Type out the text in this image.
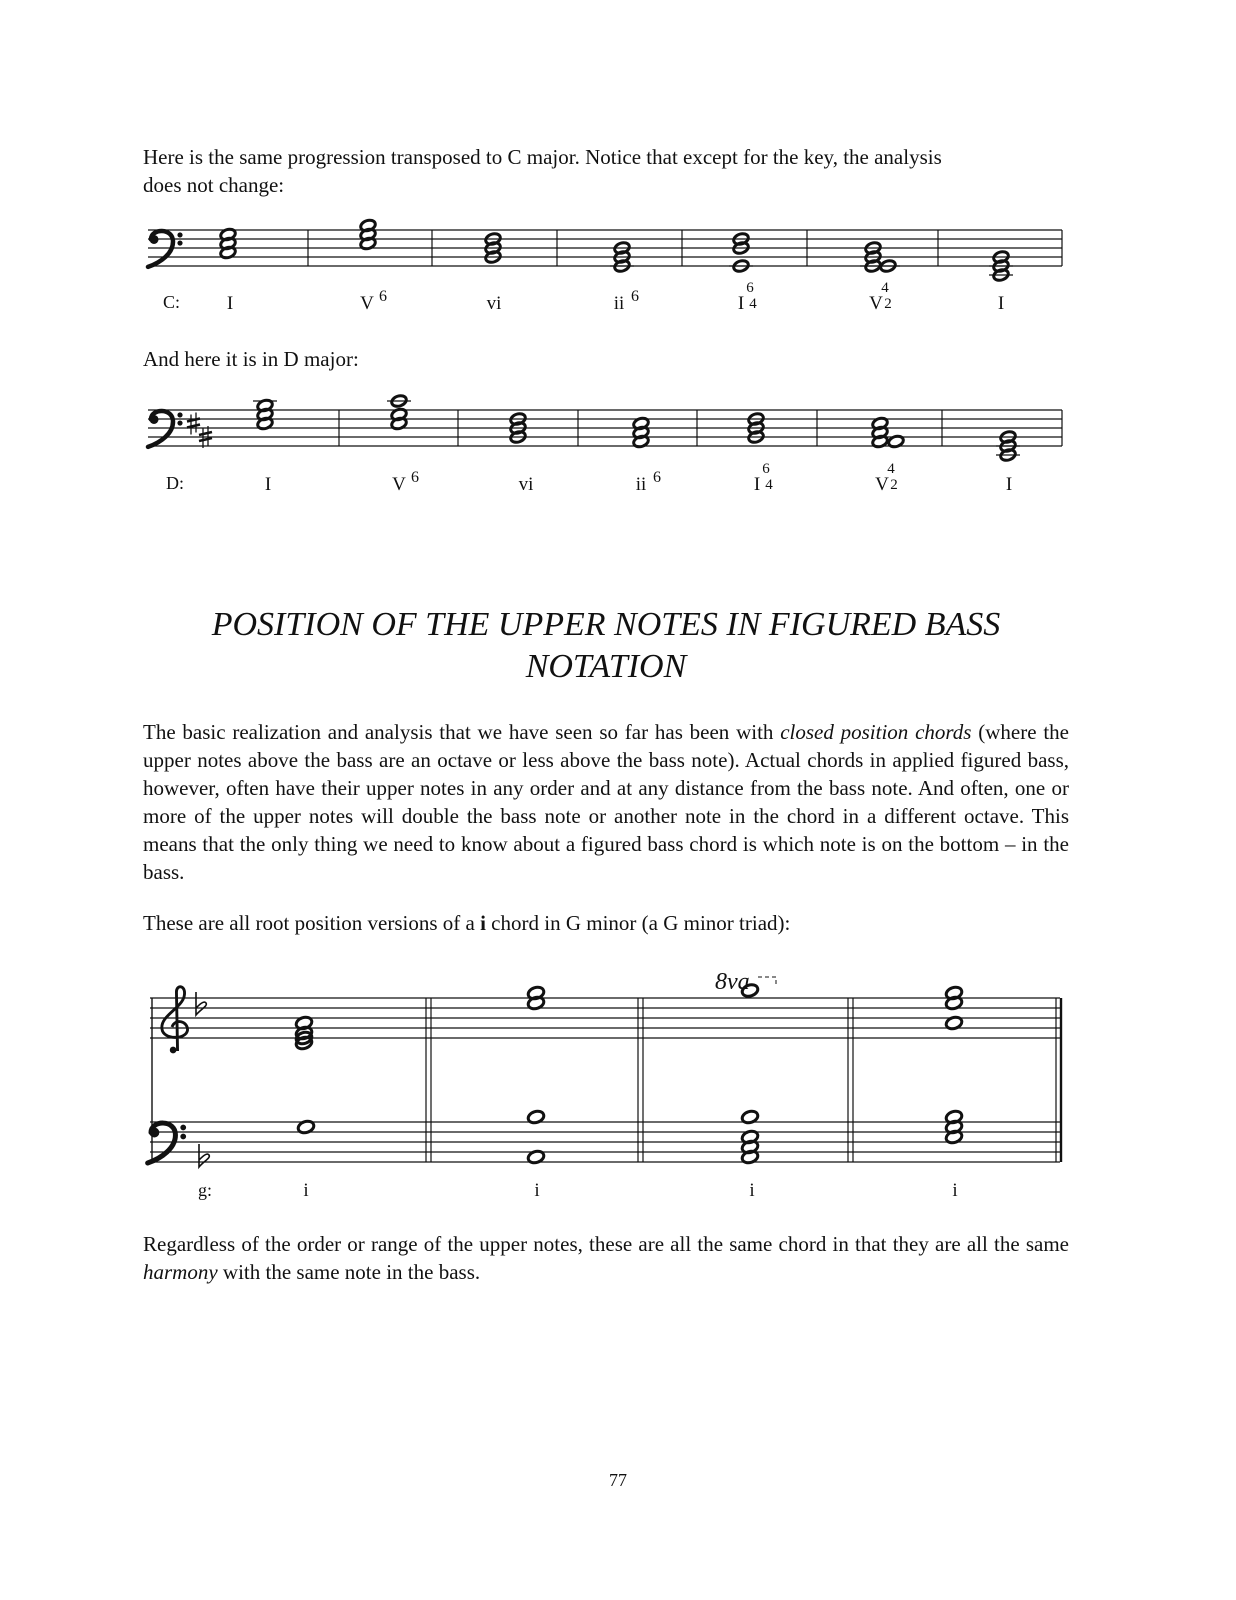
Here is the same progression transposed to C major. Notice that except for the key, the analysis
does not change:

And here it is in D major:

POSITION OF THE UPPER NOTES IN FIGURED BASS
NOTATION

The basic realization and analysis that we have seen so far has been with closed position chords (where the upper notes above the bass are an octave or less above the bass note). Actual chords in applied figured bass, however, often have their upper notes in any order and at any distance from the bass note. And often, one or more of the upper notes will double the bass note or another note in the chord in a different octave. This means that the only thing we need to know about a figured bass chord is which note is on the bottom – in the bass.

These are all root position versions of a i chord in G minor (a G minor triad):

Regardless of the order or range of the upper notes, these are all the same chord in that they are all the same harmony with the same note in the bass.

C: I	V 6	vi	ii 6	I
6
4	V
4
2	I
D:	I	V 6	vi	ii 6	I
6
4	V
4
2	I
8va
g:	i	i	i	i

77
